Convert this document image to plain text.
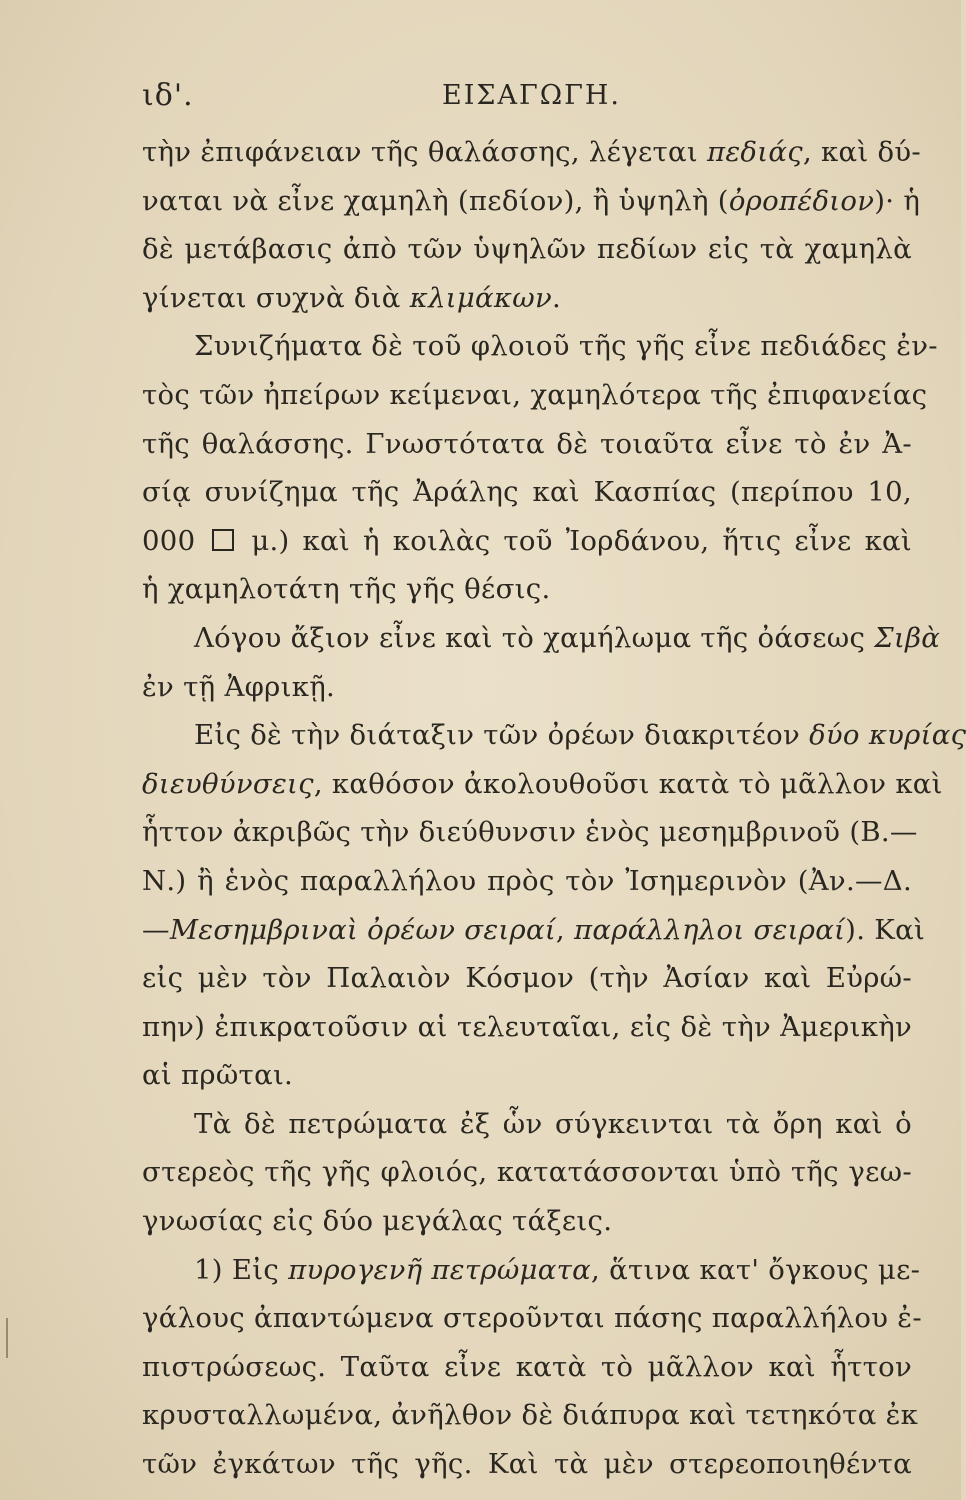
ιδ'.	ΕΙΣΑΓΩΓΗ.
τὴν ἐπιφάνειαν τῆς θαλάσσης, λέγεται πεδιάς, καὶ δύ-
ναται νὰ εἶνε χαμηλὴ (πεδίον), ἢ ὑψηλὴ (ὀροπέδιον)· ἡ
δὲ μετάβασις ἀπὸ τῶν ὑψηλῶν πεδίων εἰς τὰ χαμηλὰ
γίνεται συχνὰ διὰ κλιμάκων.
Συνιζήματα δὲ τοῦ φλοιοῦ τῆς γῆς εἶνε πεδιάδες ἐν-
τὸς τῶν ἠπείρων κείμεναι, χαμηλότερα τῆς ἐπιφανείας
τῆς θαλάσσης. Γνωστότατα δὲ τοιαῦτα εἶνε τὸ ἐν Ἀ-
σίᾳ συνίζημα τῆς Ἀράλης καὶ Κασπίας (περίπου 10,
000  μ.) καὶ ἡ κοιλὰς τοῦ Ἰορδάνου, ἥτις εἶνε καὶ
ἡ χαμηλοτάτη τῆς γῆς θέσις.
Λόγου ἄξιον εἶνε καὶ τὸ χαμήλωμα τῆς ὀάσεως Σιβὰ
ἐν τῇ Ἀφρικῇ.
Εἰς δὲ τὴν διάταξιν τῶν ὀρέων διακριτέον δύο κυρίας
διευθύνσεις, καθόσον ἀκολουθοῦσι κατὰ τὸ μᾶλλον καὶ
ἧττον ἀκριβῶς τὴν διεύθυνσιν ἑνὸς μεσημβρινοῦ (Β.—
Ν.) ἢ ἑνὸς παραλλήλου πρὸς τὸν Ἰσημερινὸν (Ἀν.—Δ.
—Μεσημβριναὶ ὀρέων σειραί, παράλληλοι σειραί). Καὶ
εἰς μὲν τὸν Παλαιὸν Κόσμον (τὴν Ἀσίαν καὶ Εὐρώ-
πην) ἐπικρατοῦσιν αἱ τελευταῖαι, εἰς δὲ τὴν Ἀμερικὴν
αἱ πρῶται.
Τὰ δὲ πετρώματα ἐξ ὧν σύγκεινται τὰ ὄρη καὶ ὁ
στερεὸς τῆς γῆς φλοιός, κατατάσσονται ὑπὸ τῆς γεω-
γνωσίας εἰς δύο μεγάλας τάξεις.
1) Εἰς πυρογενῆ πετρώματα, ἅτινα κατ' ὄγκους με-
γάλους ἀπαντώμενα στεροῦνται πάσης παραλλήλου ἐ-
πιστρώσεως. Ταῦτα εἶνε κατὰ τὸ μᾶλλον καὶ ἧττον
κρυσταλλωμένα, ἀνῆλθον δὲ διάπυρα καὶ τετηκότα ἐκ
τῶν ἐγκάτων τῆς γῆς. Καὶ τὰ μὲν στερεοποιηθέντα
